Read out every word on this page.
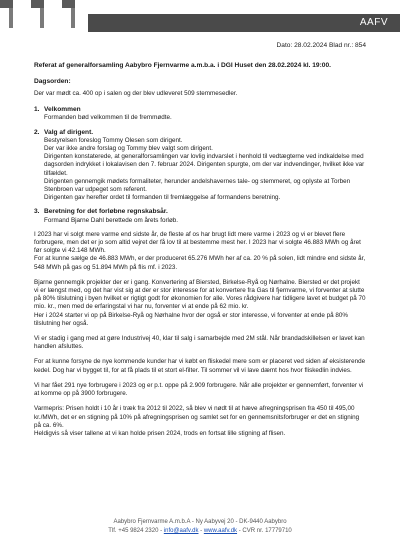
AAFV
Dato: 28.02.2024 Blad nr.: 854
Referat af generalforsamling Aabybro Fjernvarme a.m.b.a. i DGI Huset den 28.02.2024 kl. 19:00.
Dagsorden:

Der var mødt ca. 400 op i salen og der blev udleveret 509 stemmesedler.

1. Velkommen
Formanden bød velkommen til de fremmødte.
2. Valg af dirigent.
Bestyrelsen foreslog Tommy Olesen som dirigent.
Der var ikke andre forslag og Tommy blev valgt som dirigent.
Dirigenten konstaterede, at generalforsamlingen var lovlig indvarslet i henhold til vedtægterne ved indkaldelse med dagsorden indrykket i lokalavisen den 7. februar 2024. Dirigenten spurgte, om der var indvendinger, hvilket ikke var tilfældet.
Dirigenten gennemgik mødets formaliteter, herunder andelshavernes tale- og stemmeret, og oplyste at Torben Stenbroen var udpeget som referent.
Dirigenten gav herefter ordet til formanden til fremlæggelse af formandens beretning.
3. Beretning for det forløbne regnskabsår.
Formand Bjarne Dahl berettede om årets forløb.

I 2023 har vi solgt mere varme end sidste år, de fleste af os har brugt lidt mere varme i 2023 og vi er blevet flere forbrugere, men det er jo som altid vejret der få lov til at bestemme mest her. I 2023 har vi solgte 46.883 MWh og året før solgte vi 42.148 MWh.
For at kunne sælge de 46.883 MWh, er der produceret 65.276 MWh her af ca. 20 % på solen, lidt mindre end sidste år, 548 MWh på gas og 51.894 MWh på flis mf. i 2023.

Bjarne gennemgik projekter der er i gang. Konvertering af Biersted, Birkelse-Ryå og Nørhalne. Biersted er det projekt vi er længst med, og det har vist sig at der er stor interesse for at konvertere fra Gas til fjernvarme, vi forventer at slutte på 80% tilslutning i byen hvilket er rigtigt godt for økonomien for alle. Vores rådgivere har tidligere lavet et budget på 70 mio. kr., men med de erfaringstal vi har nu, forventer vi at ende på 62 mio. kr.
Her i 2024 starter vi op på Birkelse-Ryå og Nørhalne hvor der også er stor interesse, vi forventer at ende på 80% tilslutning her også.

Vi er stadig i gang med at gøre Industrivej 40, klar til salg i samarbejde med 2M stål. Når brandadskillelsen er lavet kan handlen afsluttes.

For at kunne forsyne de nye kommende kunder har vi købt en fliskedel mere som er placeret ved siden af eksisterende kedel. Dog har vi bygget til, for at få plads til et stort el-filter. Til sommer vil vi lave dæmt hos hvor fliskedlin indvies.

Vi har fået 291 nye forbrugere i 2023 og er p.t. oppe på 2.909 forbrugere. Når alle projekter er gennemført, forventer vi at komme op på 3900 forbrugere.

Varmepris: Prisen holdt i 10 år i træk fra 2012 til 2022, så blev vi nødt til at hæve afregningsprisen fra 450 til 495,00 kr./MWh, det er en stigning på 10% på afregningsprisen og samlet set for en gennemsnitsforbruger er det en stigning på ca. 6%.
Heldigvis så viser tallene at vi kan holde prisen 2024, trods en fortsat lille stigning af flisen.

Aabybro Fjernvarme A.m.b.A - Ny Aabyvej 20 - DK-9440 Aabybro
Tlf. +45 9824 2320 - info@aafv.dk - www.aafv.dk - CVR nr. 17779710
